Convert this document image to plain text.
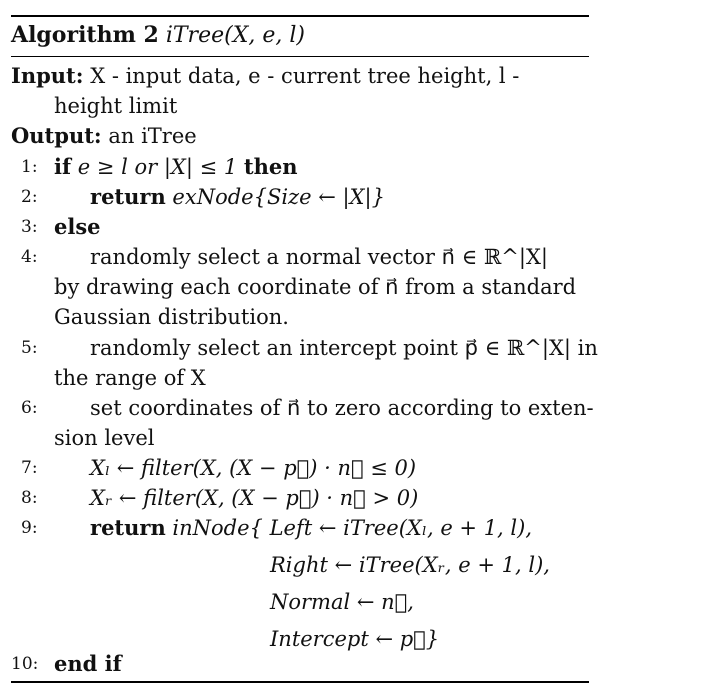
Algorithm 2 iTree(X, e, l)
Input: X - input data, e - current tree height, l -
height limit
Output: an iTree
1: if e ≥ l or |X| ≤ 1 then
2: return exNode{Size ← |X|}
3: else
4: randomly select a normal vector n⃗ ∈ ℝ^|X|
by drawing each coordinate of n⃗ from a standard
Gaussian distribution.
5: randomly select an intercept point p⃗ ∈ ℝ^|X| in
the range of X
6: set coordinates of n⃗ to zero according to exten-
sion level
7: Xₗ ← filter(X, (X − p⃗) · n⃗ ≤ 0)
8: Xᵣ ← filter(X, (X − p⃗) · n⃗ > 0)
9: return inNode{ Left ← iTree(Xₗ, e + 1, l),
Right ← iTree(Xᵣ, e + 1, l),
Normal ← n⃗,
Intercept ← p⃗}
10: end if
